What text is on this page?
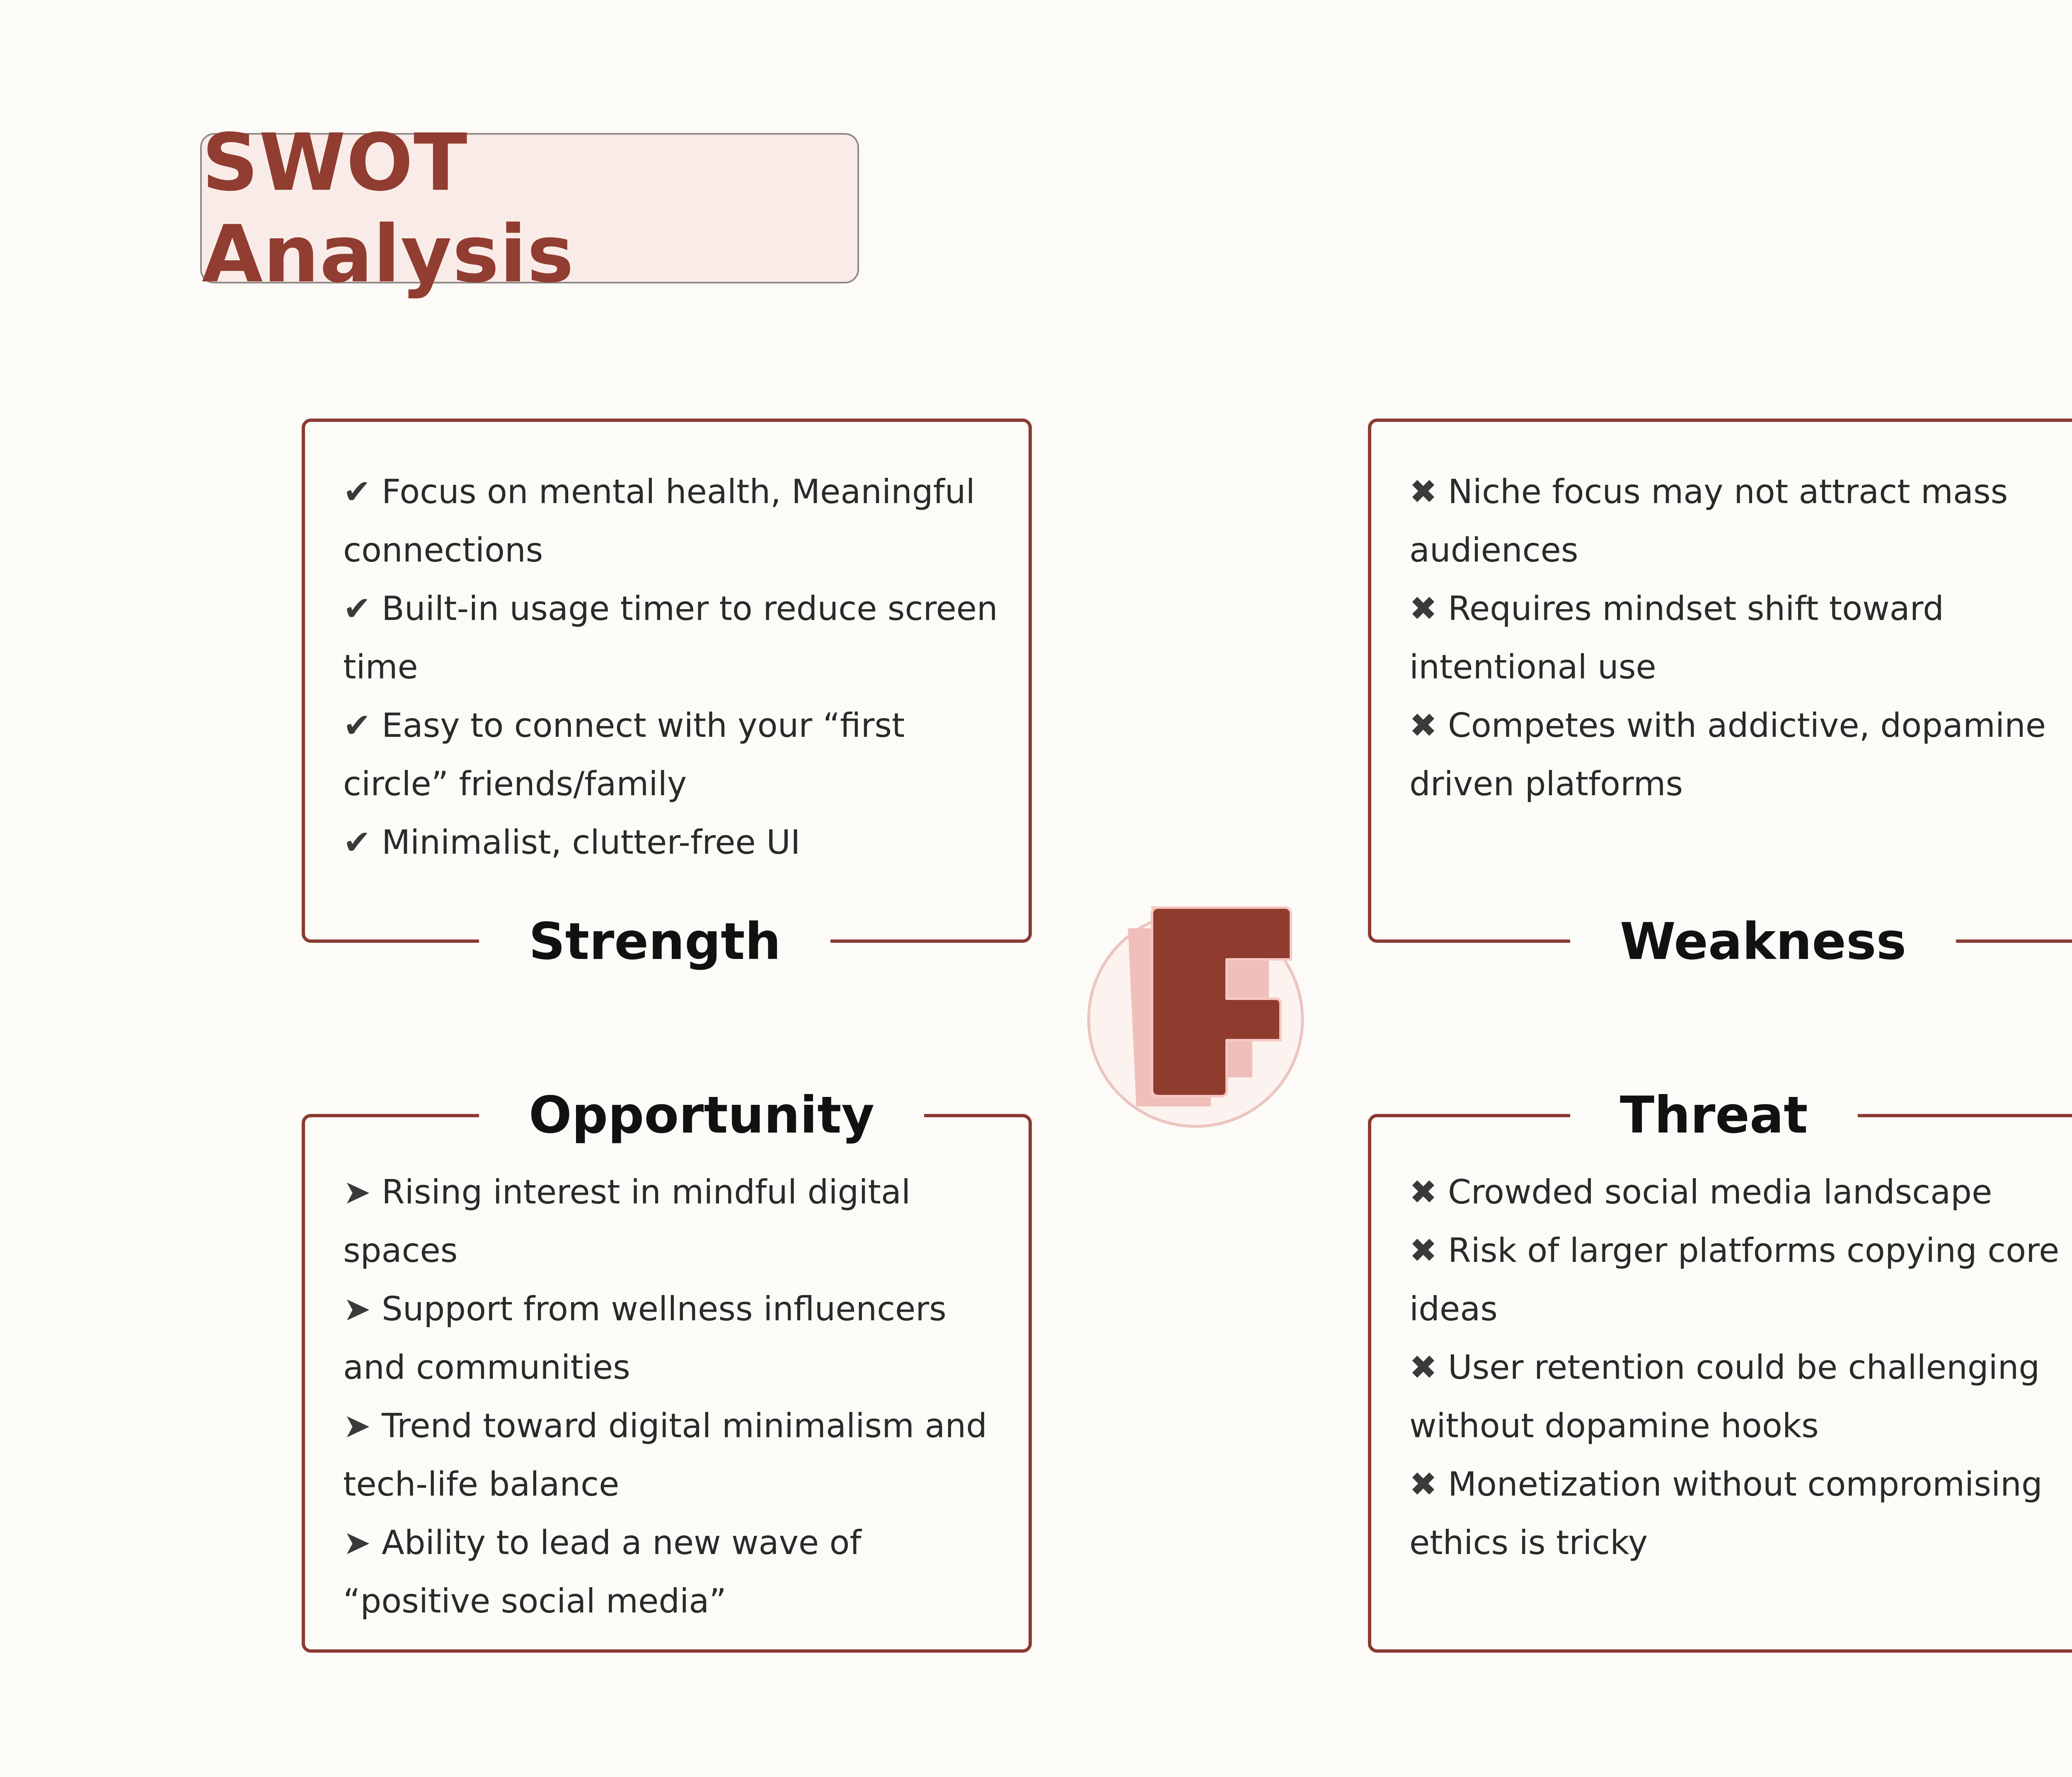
SWOT Analysis
✔ Focus on mental health, Meaningful connections
✔ Built-in usage timer to reduce screen time
✔ Easy to connect with your “first circle” friends/family
✔ Minimalist, clutter-free UI
Strength
✖ Niche focus may not attract mass audiences
✖ Requires mindset shift toward intentional use
✖ Competes with addictive, dopamine driven platforms
Weakness
Opportunity
➤ Rising interest in mindful digital spaces
➤ Support from wellness influencers and communities
➤ Trend toward digital minimalism and tech-life balance
➤ Ability to lead a new wave of “positive social media”
Threat
✖ Crowded social media landscape
✖ Risk of larger platforms copying core ideas
✖ User retention could be challenging without dopamine hooks
✖ Monetization without compromising ethics is tricky
